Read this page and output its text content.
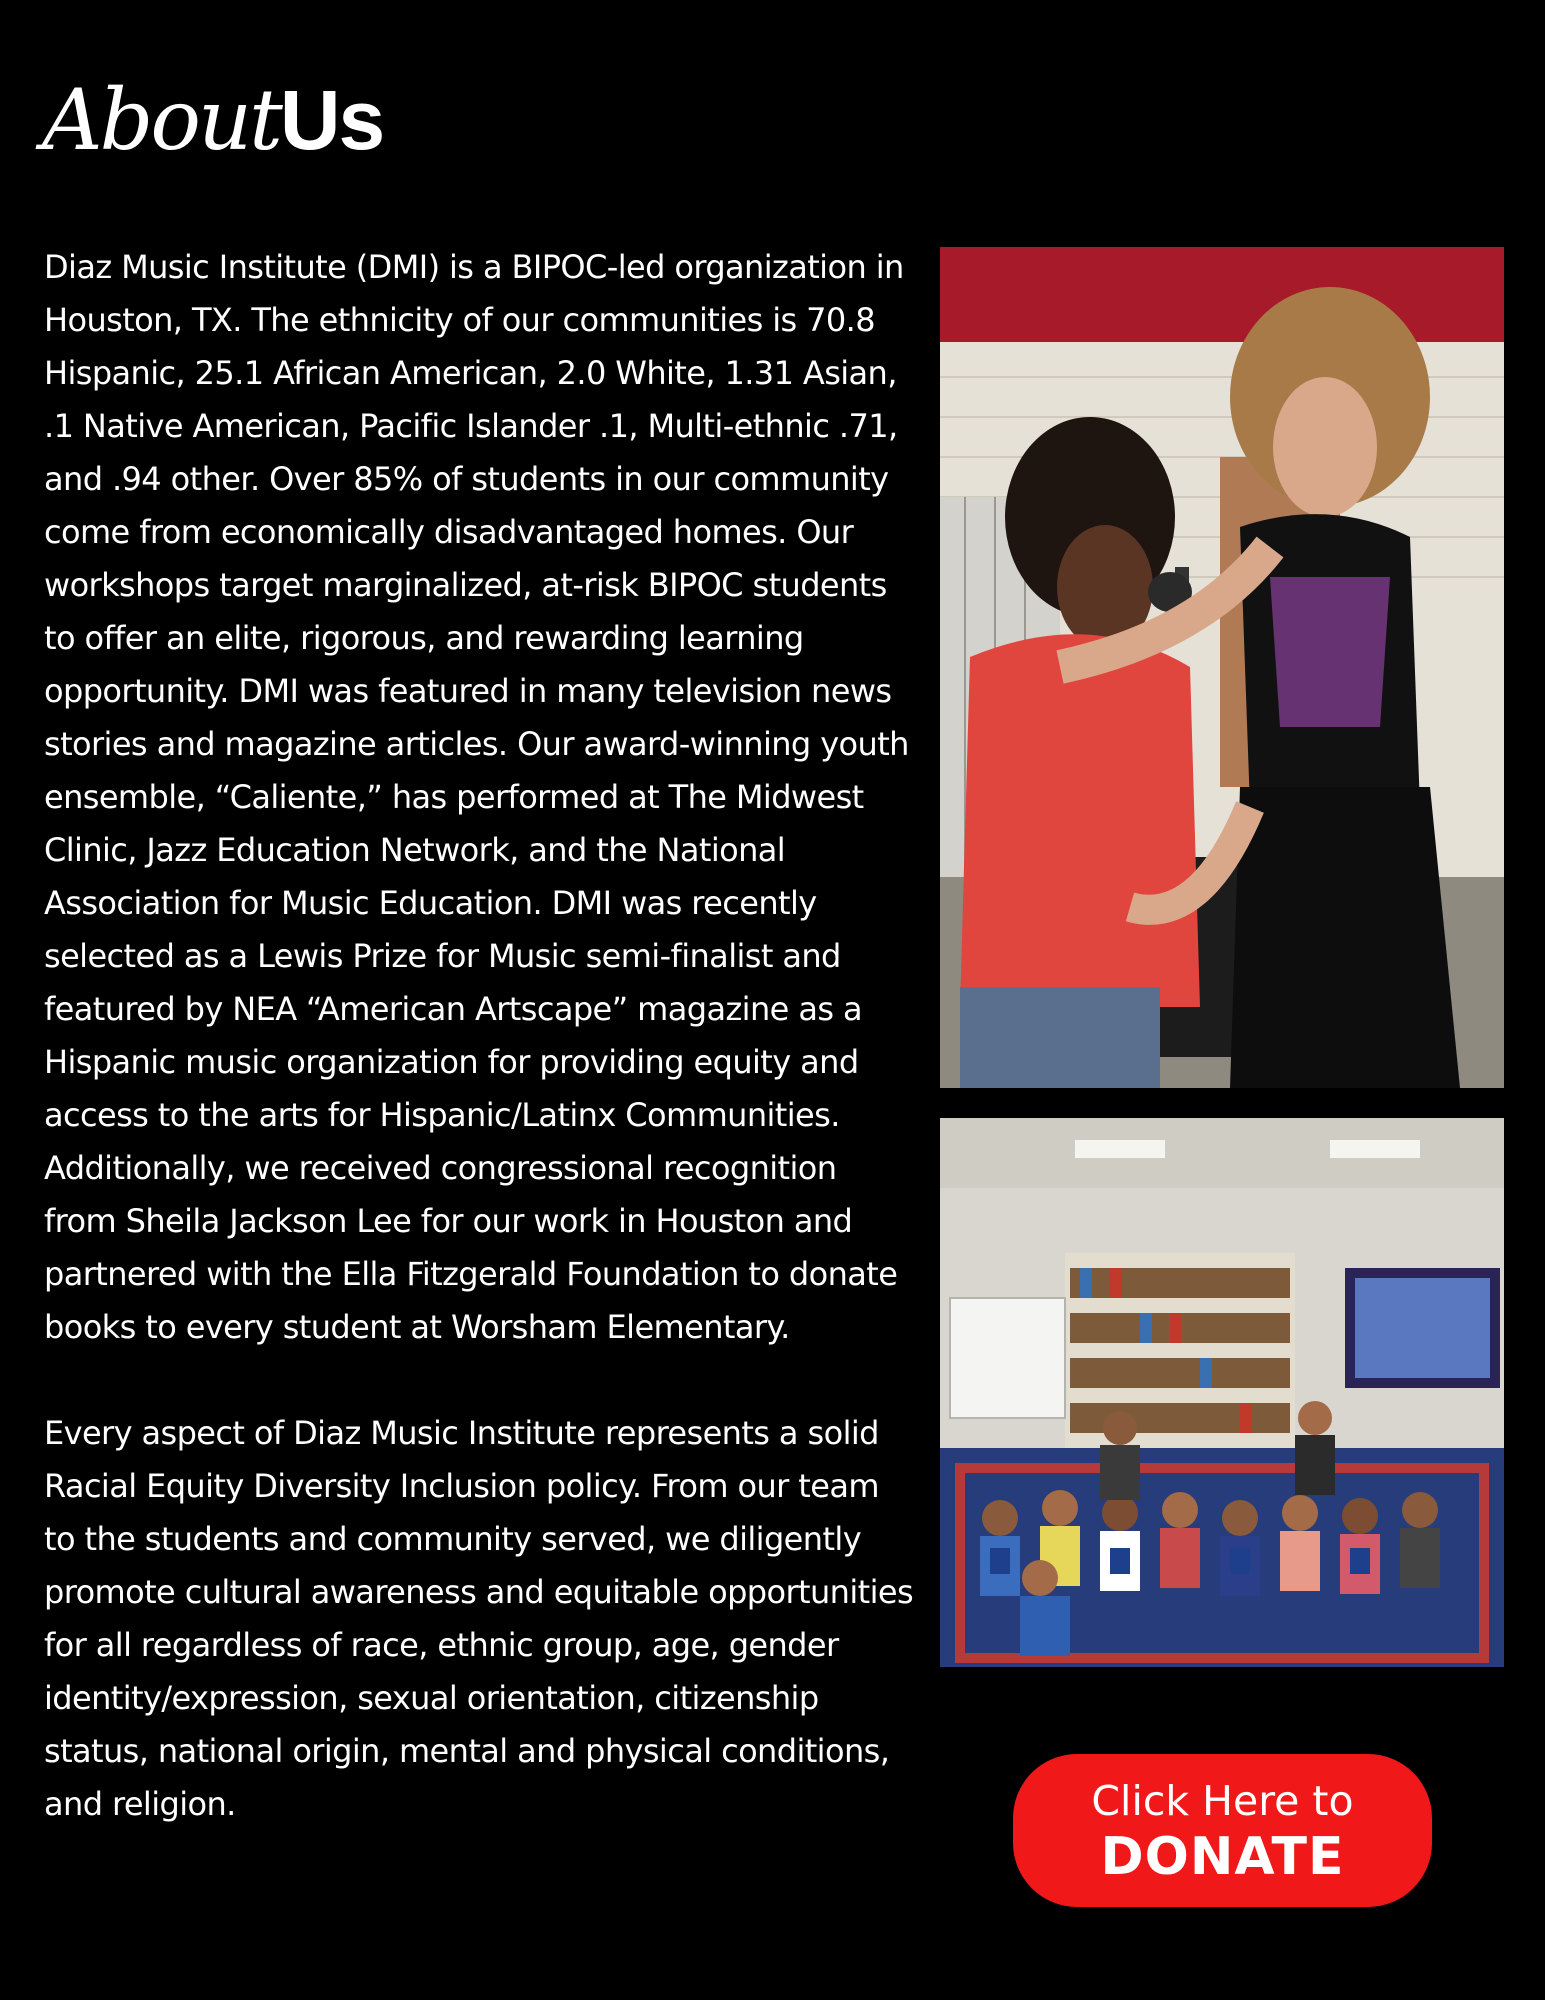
AboutUs

Diaz Music Institute (DMI) is a BIPOC-led organization in Houston, TX. The ethnicity of our communities is 70.8 Hispanic, 25.1 African American, 2.0 White, 1.31 Asian, .1 Native American, Pacific Islander .1, Multi-ethnic .71, and .94 other. Over 85% of students in our community come from economically disadvantaged homes. Our workshops target marginalized, at-risk BIPOC students to offer an elite, rigorous, and rewarding learning opportunity. DMI was featured in many television news stories and magazine articles. Our award-winning youth ensemble, “Caliente,” has performed at The Midwest Clinic, Jazz Education Network, and the National Association for Music Education. DMI was recently selected as a Lewis Prize for Music semi-finalist and featured by NEA “American Artscape” magazine as a Hispanic music organization for providing equity and access to the arts for Hispanic/Latinx Communities. Additionally, we received congressional recognition from Sheila Jackson Lee for our work in Houston and partnered with the Ella Fitzgerald Foundation to donate books to every student at Worsham Elementary.

Every aspect of Diaz Music Institute represents a solid Racial Equity Diversity Inclusion policy. From our team to the students and community served, we diligently promote cultural awareness and equitable opportunities for all regardless of race, ethnic group, age, gender identity/expression, sexual orientation, citizenship status, national origin, mental and physical conditions, and religion.	Click Here to
DONATE
